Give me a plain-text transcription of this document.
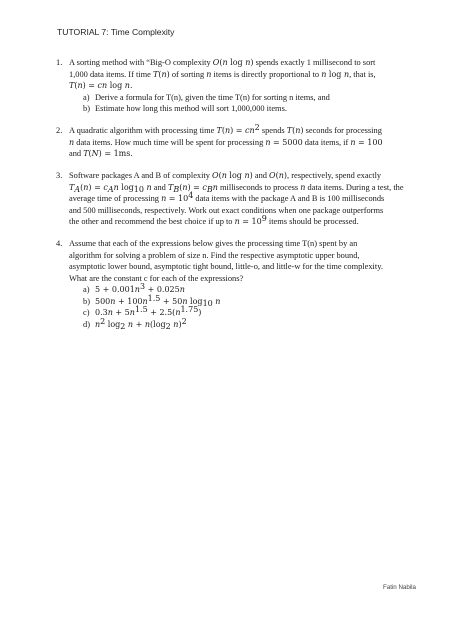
TUTORIAL 7: Time Complexity
1. A sorting method with “Big-O complexity O(n log n) spends exactly 1 millisecond to sort
1,000 data items. If time T(n) of sorting n items is directly proportional to n log n, that is,
T(n) = cn log n.
a) Derive a formula for T(n), given the time T(n) for sorting n items, and
b) Estimate how long this method will sort 1,000,000 items.
2. A quadratic algorithm with processing time $T(n) = cn^2$ spends T(n) seconds for processing
n data items. How much time will be spent for processing n = 5000 data items, if n = 100
and T(N) = 1ms.
3. Software packages A and B of complexity O(n log n) and O(n), respectively, spend exactly
$T_A(n) = c_An$ $\log_{10} n$ and $T_B(n) = c_Bn$ milliseconds to process n data items. During a test, the
average time of processing $n = 10^4$ data items with the package A and B is 100 milliseconds
and 500 milliseconds, respectively. Work out exact conditions when one package outperforms
the other and recommend the best choice if up to $n = 10^9$ items should be processed.
4. Assume that each of the expressions below gives the processing time T(n) spent by an
algorithm for solving a problem of size n. Find the respective asymptotic upper bound,
asymptotic lower bound, asymptotic tight bound, little-o, and little-w for the time complexity.
What are the constant c for each of the expressions?
a) $5 + 0.001n^3 + 0.025n$
b) $500n + 100n^{1.5} + 50n$ $\log_{10} n$
c) $0.3n + 5n^{1.5} + 2.5(n^{1.75})$
d) $n^2$ $\log_2 n + n(\log_2$ n)$^2$
Fatin Nabila
